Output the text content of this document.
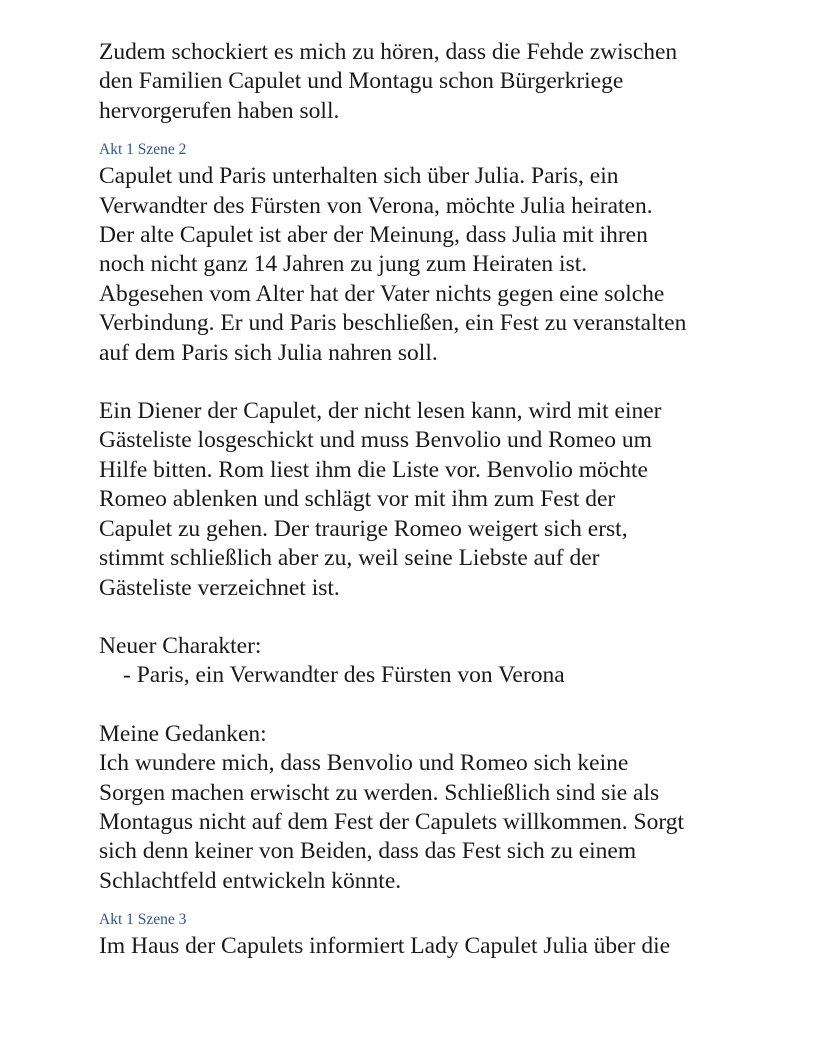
Zudem schockiert es mich zu hören, dass die Fehde zwischen
den Familien Capulet und Montagu schon Bürgerkriege
hervorgerufen haben soll.

Akt 1 Szene 2

Capulet und Paris unterhalten sich über Julia. Paris, ein
Verwandter des Fürsten von Verona, möchte Julia heiraten.
Der alte Capulet ist aber der Meinung, dass Julia mit ihren
noch nicht ganz 14 Jahren zu jung zum Heiraten ist.
Abgesehen vom Alter hat der Vater nichts gegen eine solche
Verbindung. Er und Paris beschließen, ein Fest zu veranstalten
auf dem Paris sich Julia nahren soll.

Ein Diener der Capulet, der nicht lesen kann, wird mit einer
Gästeliste losgeschickt und muss Benvolio und Romeo um
Hilfe bitten. Rom liest ihm die Liste vor. Benvolio möchte
Romeo ablenken und schlägt vor mit ihm zum Fest der
Capulet zu gehen. Der traurige Romeo weigert sich erst,
stimmt schließlich aber zu, weil seine Liebste auf der
Gästeliste verzeichnet ist.

Neuer Charakter:

- Paris, ein Verwandter des Fürsten von Verona

Meine Gedanken:

Ich wundere mich, dass Benvolio und Romeo sich keine
Sorgen machen erwischt zu werden. Schließlich sind sie als
Montagus nicht auf dem Fest der Capulets willkommen. Sorgt
sich denn keiner von Beiden, dass das Fest sich zu einem
Schlachtfeld entwickeln könnte.

Akt 1 Szene 3

Im Haus der Capulets informiert Lady Capulet Julia über die
